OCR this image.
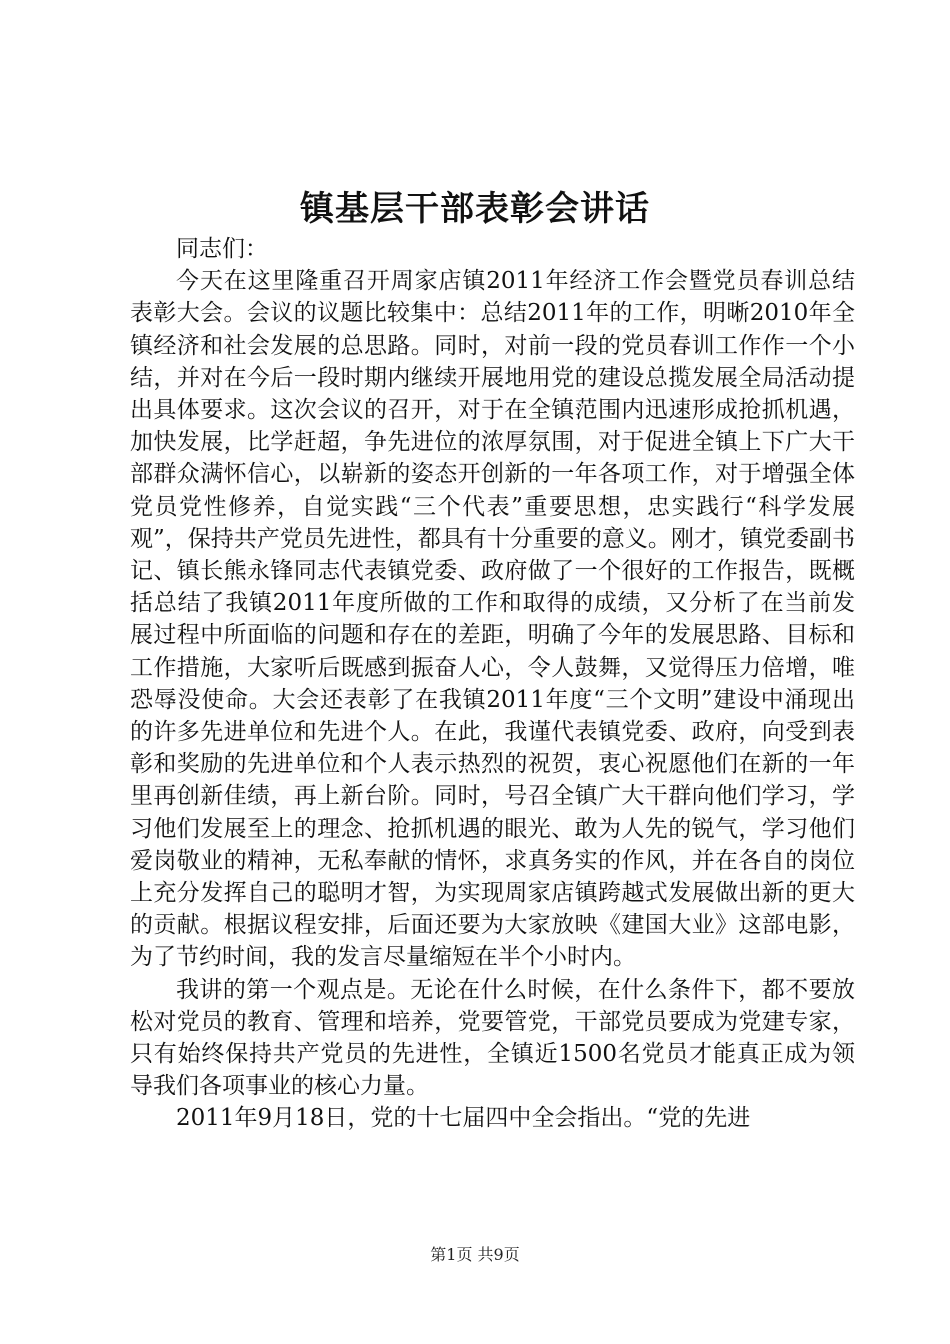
镇基层干部表彰会讲话

同志们：

今天在这里隆重召开周家店镇2011年经济工作会暨党员春训总结表彰大会。会议的议题比较集中：总结2011年的工作，明晰2010年全镇经济和社会发展的总思路。同时，对前一段的党员春训工作作一个小结，并对在今后一段时期内继续开展地用党的建设总揽发展全局活动提出具体要求。这次会议的召开，对于在全镇范围内迅速形成抢抓机遇，加快发展，比学赶超，争先进位的浓厚氛围，对于促进全镇上下广大干部群众满怀信心，以崭新的姿态开创新的一年各项工作，对于增强全体党员党性修养，自觉实践“三个代表”重要思想，忠实践行“科学发展观”，保持共产党员先进性，都具有十分重要的意义。刚才，镇党委副书记、镇长熊永锋同志代表镇党委、政府做了一个很好的工作报告，既概括总结了我镇2011年度所做的工作和取得的成绩，又分析了在当前发展过程中所面临的问题和存在的差距，明确了今年的发展思路、目标和工作措施，大家听后既感到振奋人心，令人鼓舞，又觉得压力倍增，唯恐辱没使命。大会还表彰了在我镇2011年度“三个文明”建设中涌现出的许多先进单位和先进个人。在此，我谨代表镇党委、政府，向受到表彰和奖励的先进单位和个人表示热烈的祝贺，衷心祝愿他们在新的一年里再创新佳绩，再上新台阶。同时，号召全镇广大干群向他们学习，学习他们发展至上的理念、抢抓机遇的眼光、敢为人先的锐气，学习他们爱岗敬业的精神，无私奉献的情怀，求真务实的作风，并在各自的岗位上充分发挥自己的聪明才智，为实现周家店镇跨越式发展做出新的更大的贡献。根据议程安排，后面还要为大家放映《建国大业》这部电影，为了节约时间，我的发言尽量缩短在半个小时内。

我讲的第一个观点是。无论在什么时候，在什么条件下，都不要放松对党员的教育、管理和培养，党要管党，干部党员要成为党建专家，只有始终保持共产党员的先进性，全镇近1500名党员才能真正成为领导我们各项事业的核心力量。

2011年9月18日，党的十七届四中全会指出。“党的先进

第1页 共9页
